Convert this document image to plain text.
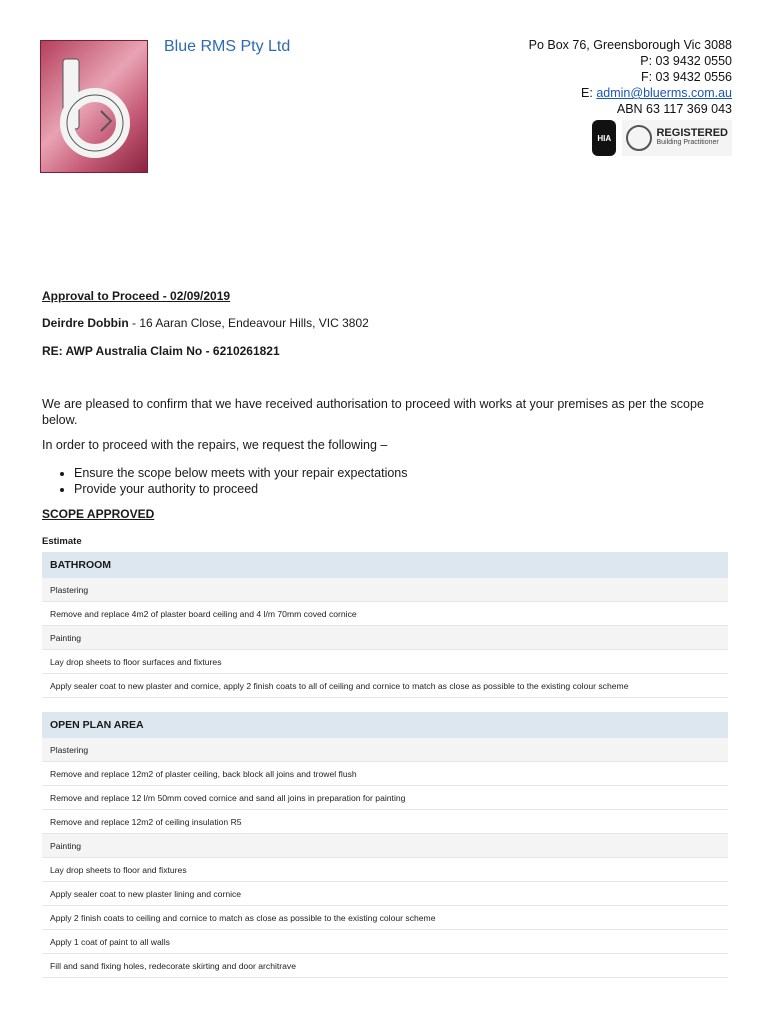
Blue RMS Pty Ltd	Po Box 76, Greensborough Vic 3088
P: 03 9432 0550
F: 03 9432 0556
E: admin@bluerms.com.au
ABN 63 117 369 043
HIA	REGISTERED
Building Practitioner
Approval to Proceed - 02/09/2019
Deirdre Dobbin - 16 Aaran Close, Endeavour Hills, VIC 3802
RE: AWP Australia Claim No - 6210261821
We are pleased to confirm that we have received authorisation to proceed with works at your premises as per the scope below.
In order to proceed with the repairs, we request the following –
• Ensure the scope below meets with your repair expectations
• Provide your authority to proceed
SCOPE APPROVED
Estimate
BATHROOM
Plastering
Remove and replace 4m2 of plaster board ceiling and 4 l/m 70mm coved cornice
Painting
Lay drop sheets to floor surfaces and fixtures
Apply sealer coat to new plaster and cornice, apply 2 finish coats to all of ceiling and cornice to match as close as possible to the existing colour scheme
OPEN PLAN AREA
Plastering
Remove and replace 12m2 of plaster ceiling, back block all joins and trowel flush
Remove and replace 12 l/m 50mm coved cornice and sand all joins in preparation for painting
Remove and replace 12m2 of ceiling insulation R5
Painting
Lay drop sheets to floor and fixtures
Apply sealer coat to new plaster lining and cornice
Apply 2 finish coats to ceiling and cornice to match as close as possible to the existing colour scheme
Apply 1 coat of paint to all walls
Fill and sand fixing holes, redecorate skirting and door architrave
